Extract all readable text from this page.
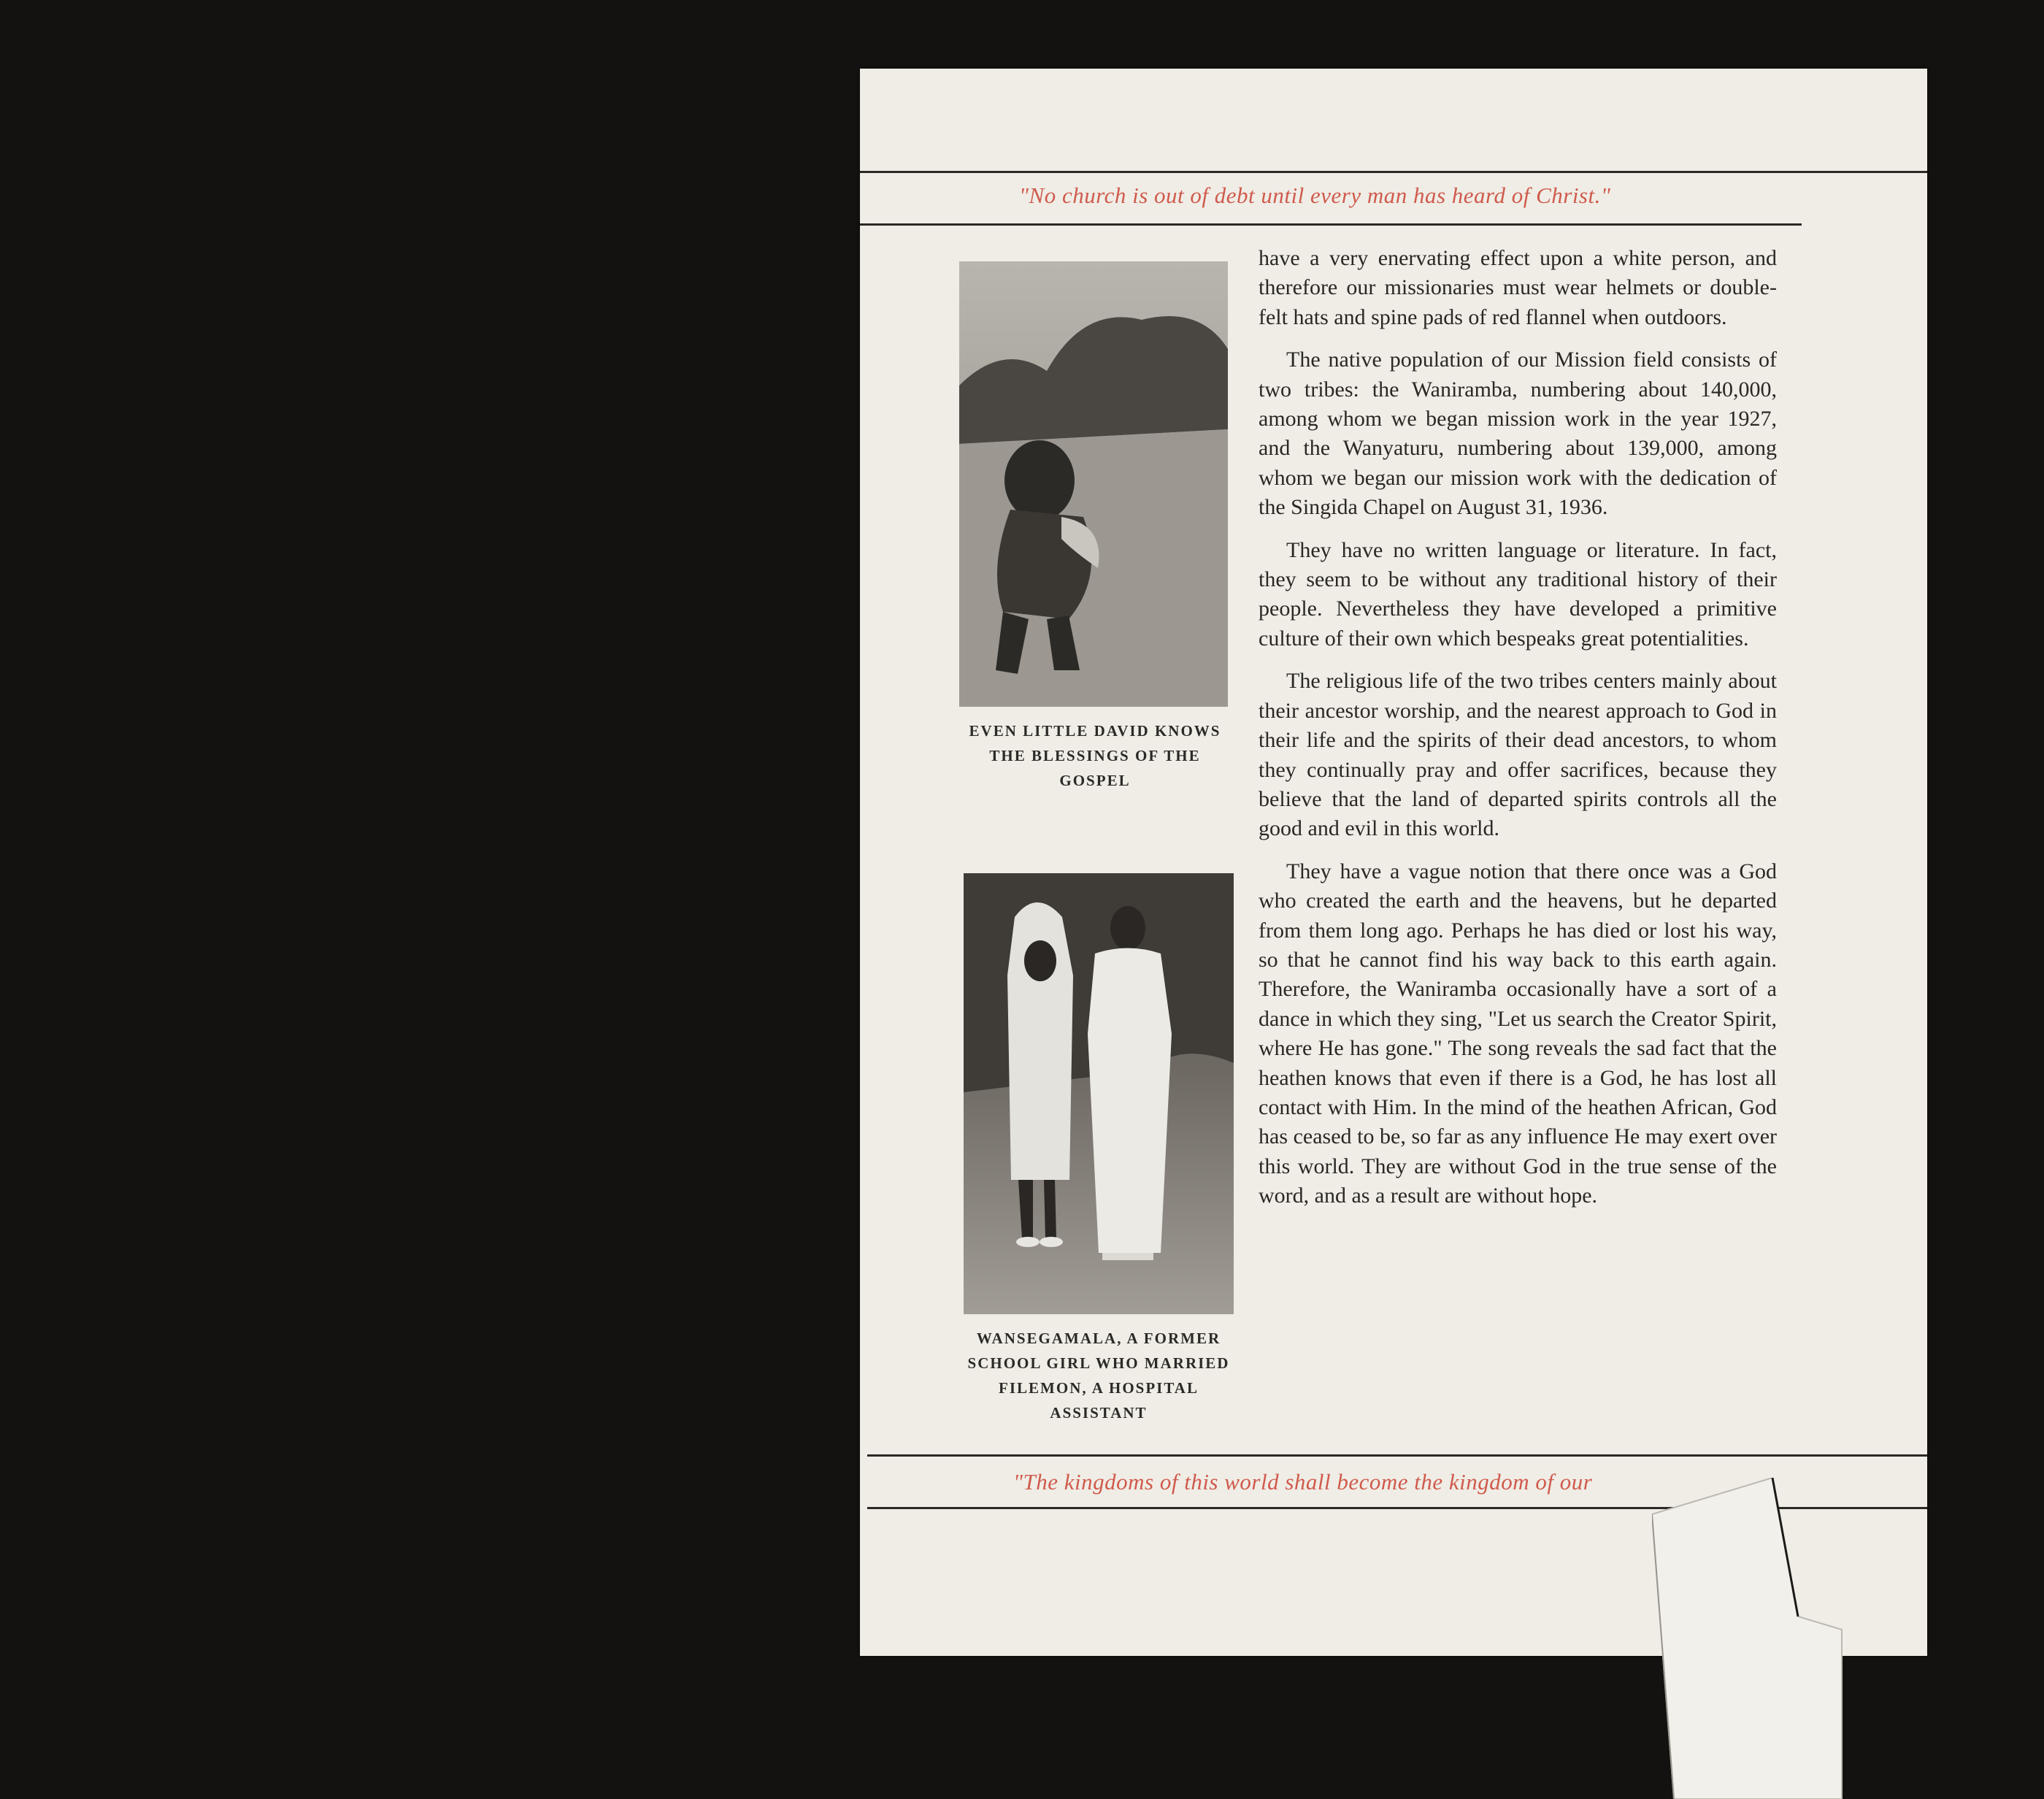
"No church is out of debt until every man has heard of Christ."
EVEN LITTLE DAVID KNOWS THE BLESSINGS OF THE GOSPEL
WANSEGAMALA, A FORMER SCHOOL GIRL WHO MARRIED FILEMON, A HOSPITAL ASSISTANT

have a very enervating effect upon a white person, and therefore our missionaries must wear helmets or double-felt hats and spine pads of red flannel when outdoors.

The native population of our Mission field consists of two tribes: the Waniramba, numbering about 140,000, among whom we began mission work in the year 1927, and the Wanyaturu, numbering about 139,000, among whom we began our mission work with the dedication of the Singida Chapel on August 31, 1936.

They have no written language or literature. In fact, they seem to be without any traditional history of their people. Nevertheless they have developed a primitive culture of their own which bespeaks great potentialities.

The religious life of the two tribes centers mainly about their ancestor worship, and the nearest approach to God in their life and the spirits of their dead ancestors, to whom they continually pray and offer sacrifices, because they believe that the land of departed spirits controls all the good and evil in this world.

They have a vague notion that there once was a God who created the earth and the heavens, but he departed from them long ago. Perhaps he has died or lost his way, so that he cannot find his way back to this earth again. Therefore, the Waniramba occasionally have a sort of a dance in which they sing, "Let us search the Creator Spirit, where He has gone." The song reveals the sad fact that the heathen knows that even if there is a God, he has lost all contact with Him. In the mind of the heathen African, God has ceased to be, so far as any influence He may exert over this world. They are without God in the true sense of the word, and as a result are without hope.

"The kingdoms of this world shall become the kingdom of our
